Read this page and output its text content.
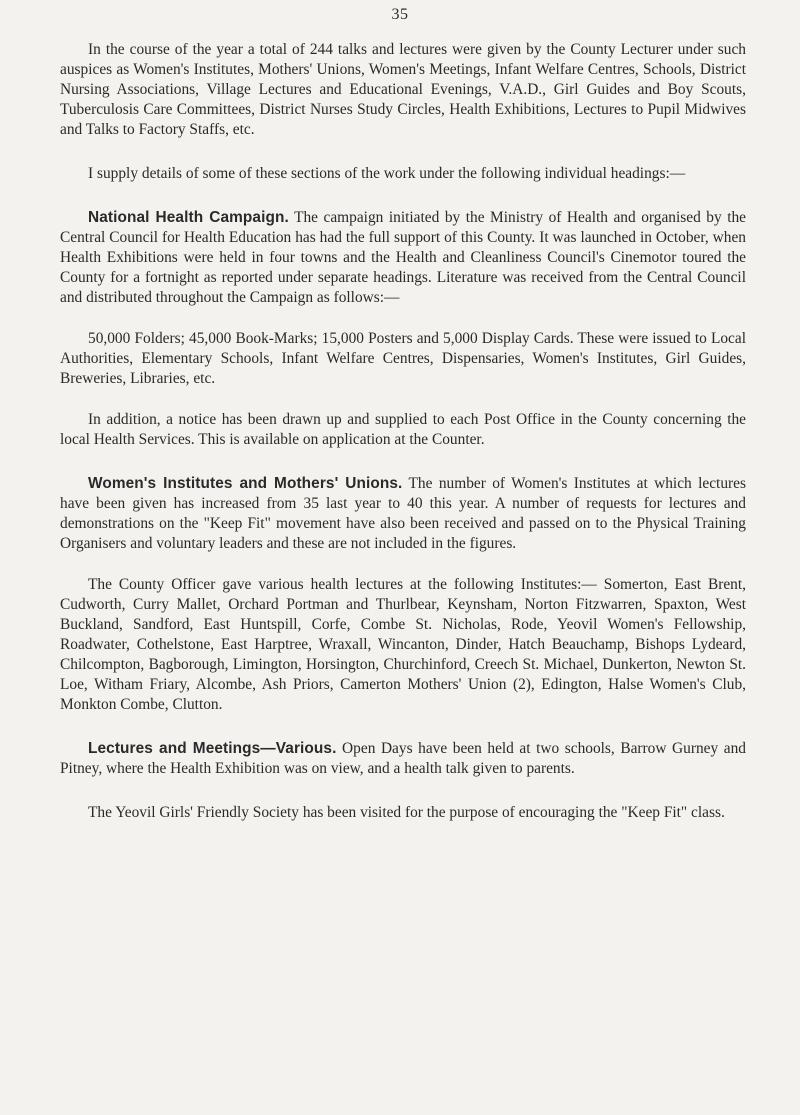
35

In the course of the year a total of 244 talks and lectures were given by the County Lecturer under such auspices as Women's Institutes, Mothers' Unions, Women's Meetings, Infant Welfare Centres, Schools, District Nursing Associations, Village Lectures and Educational Evenings, V.A.D., Girl Guides and Boy Scouts, Tuberculosis Care Committees, District Nurses Study Circles, Health Exhibitions, Lectures to Pupil Midwives and Talks to Factory Staffs, etc.

I supply details of some of these sections of the work under the following individual headings:—

National Health Campaign. The campaign initiated by the Ministry of Health and organised by the Central Council for Health Education has had the full support of this County. It was launched in October, when Health Exhibitions were held in four towns and the Health and Cleanliness Council's Cinemotor toured the County for a fortnight as reported under separate headings. Literature was received from the Central Council and distributed throughout the Campaign as follows:—

50,000 Folders; 45,000 Book-Marks; 15,000 Posters and 5,000 Display Cards. These were issued to Local Authorities, Elementary Schools, Infant Welfare Centres, Dispensaries, Women's Institutes, Girl Guides, Breweries, Libraries, etc.

In addition, a notice has been drawn up and supplied to each Post Office in the County concerning the local Health Services. This is available on application at the Counter.

Women's Institutes and Mothers' Unions. The number of Women's Institutes at which lectures have been given has increased from 35 last year to 40 this year. A number of requests for lectures and demonstrations on the "Keep Fit" movement have also been received and passed on to the Physical Training Organisers and voluntary leaders and these are not included in the figures.

The County Officer gave various health lectures at the following Institutes:— Somerton, East Brent, Cudworth, Curry Mallet, Orchard Portman and Thurlbear, Keynsham, Norton Fitzwarren, Spaxton, West Buckland, Sandford, East Huntspill, Corfe, Combe St. Nicholas, Rode, Yeovil Women's Fellowship, Roadwater, Cothelstone, East Harptree, Wraxall, Wincanton, Dinder, Hatch Beauchamp, Bishops Lydeard, Chilcompton, Bagborough, Limington, Horsington, Churchinford, Creech St. Michael, Dunkerton, Newton St. Loe, Witham Friary, Alcombe, Ash Priors, Camerton Mothers' Union (2), Edington, Halse Women's Club, Monkton Combe, Clutton.

Lectures and Meetings—Various. Open Days have been held at two schools, Barrow Gurney and Pitney, where the Health Exhibition was on view, and a health talk given to parents.

The Yeovil Girls' Friendly Society has been visited for the purpose of encouraging the "Keep Fit" class.
